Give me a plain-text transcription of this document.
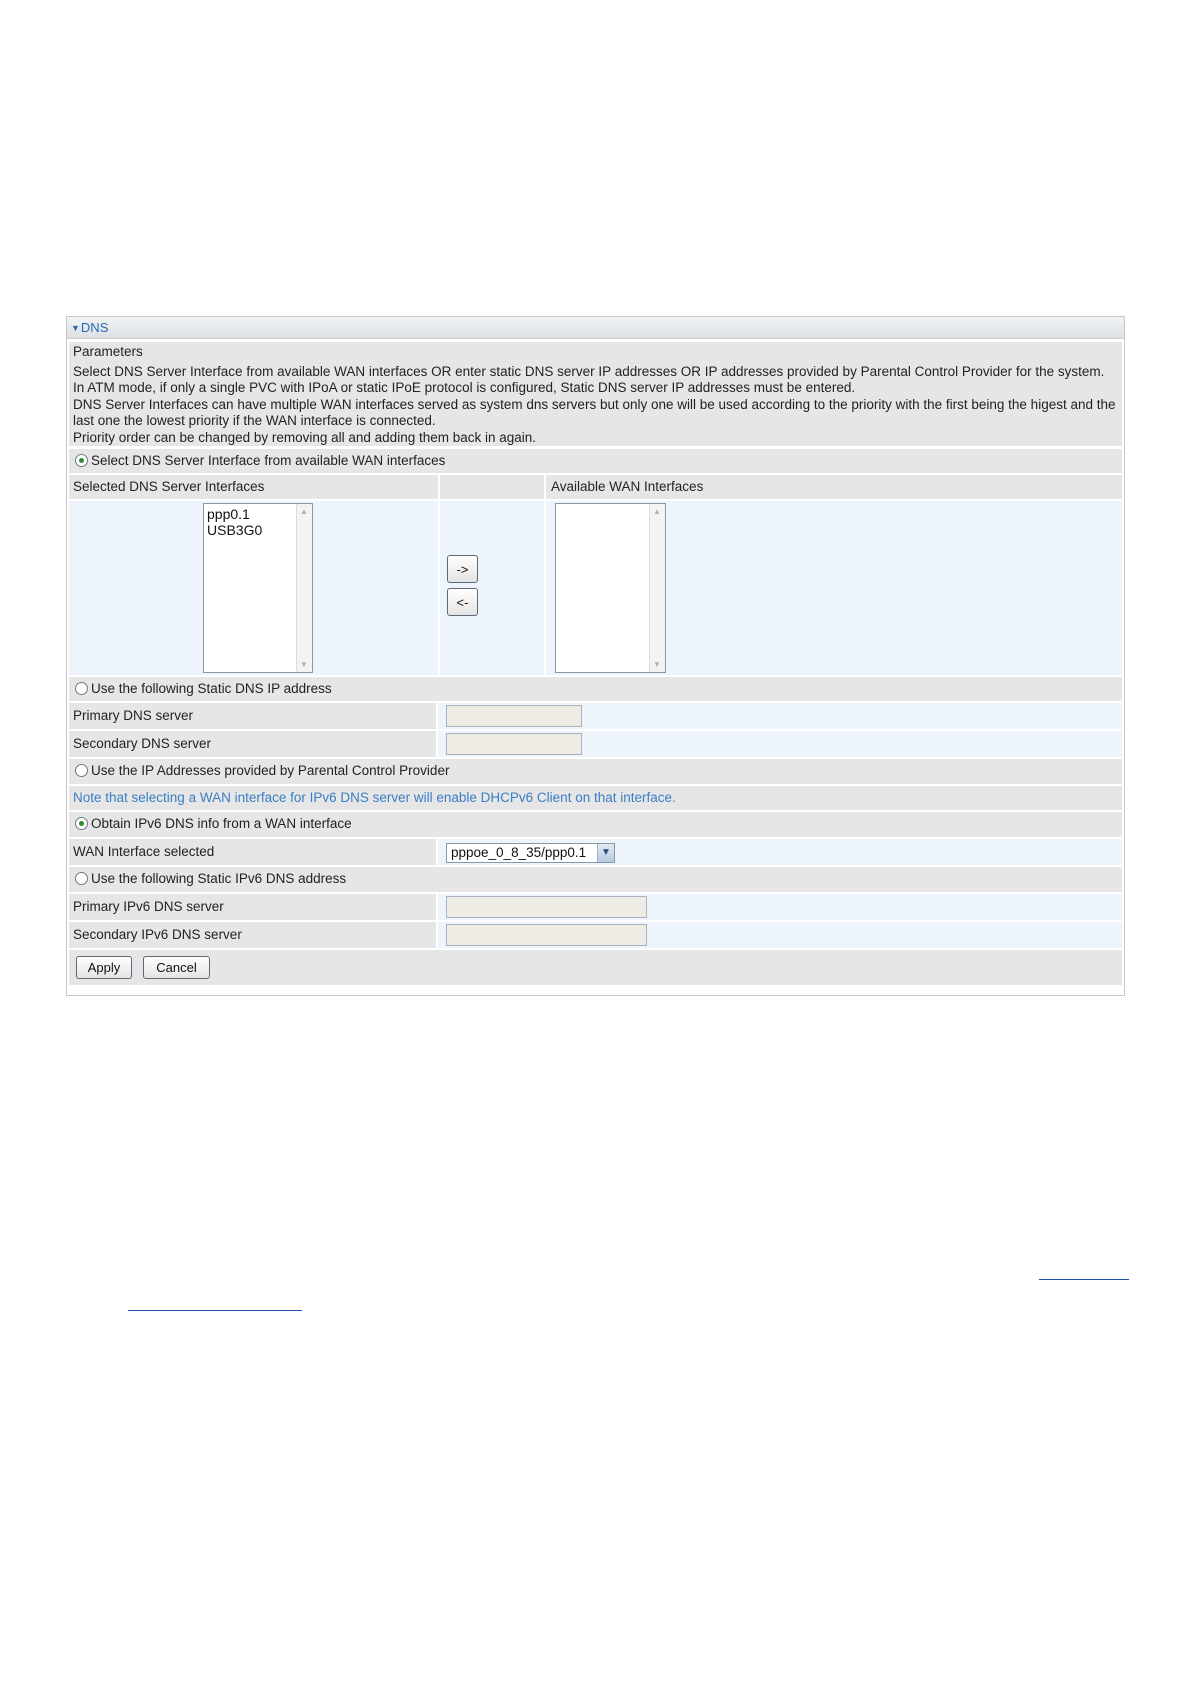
▼DNS
Parameters
Select DNS Server Interface from available WAN interfaces OR enter static DNS server IP addresses OR IP addresses provided by Parental Control Provider for the system.
In ATM mode, if only a single PVC with IPoA or static IPoE protocol is configured, Static DNS server IP addresses must be entered.
DNS Server Interfaces can have multiple WAN interfaces served as system dns servers but only one will be used according to the priority with the first being the higest and the
last one the lowest priority if the WAN interface is connected.
Priority order can be changed by removing all and adding them back in again.
Select DNS Server Interface from available WAN interfaces
Selected DNS Server Interfaces	Available WAN Interfaces
ppp0.1
USB3G0
▲
▼
->
<-
▲
▼
Use the following Static DNS IP address
Primary DNS server
Secondary DNS server
Use the IP Addresses provided by Parental Control Provider
Note that selecting a WAN interface for IPv6 DNS server will enable DHCPv6 Client on that interface.
Obtain IPv6 DNS info from a WAN interface
WAN Interface selected	pppoe_0_8_35/ppp0.1	▼
Use the following Static IPv6 DNS address
Primary IPv6 DNS server
Secondary IPv6 DNS server
Apply	Cancel
